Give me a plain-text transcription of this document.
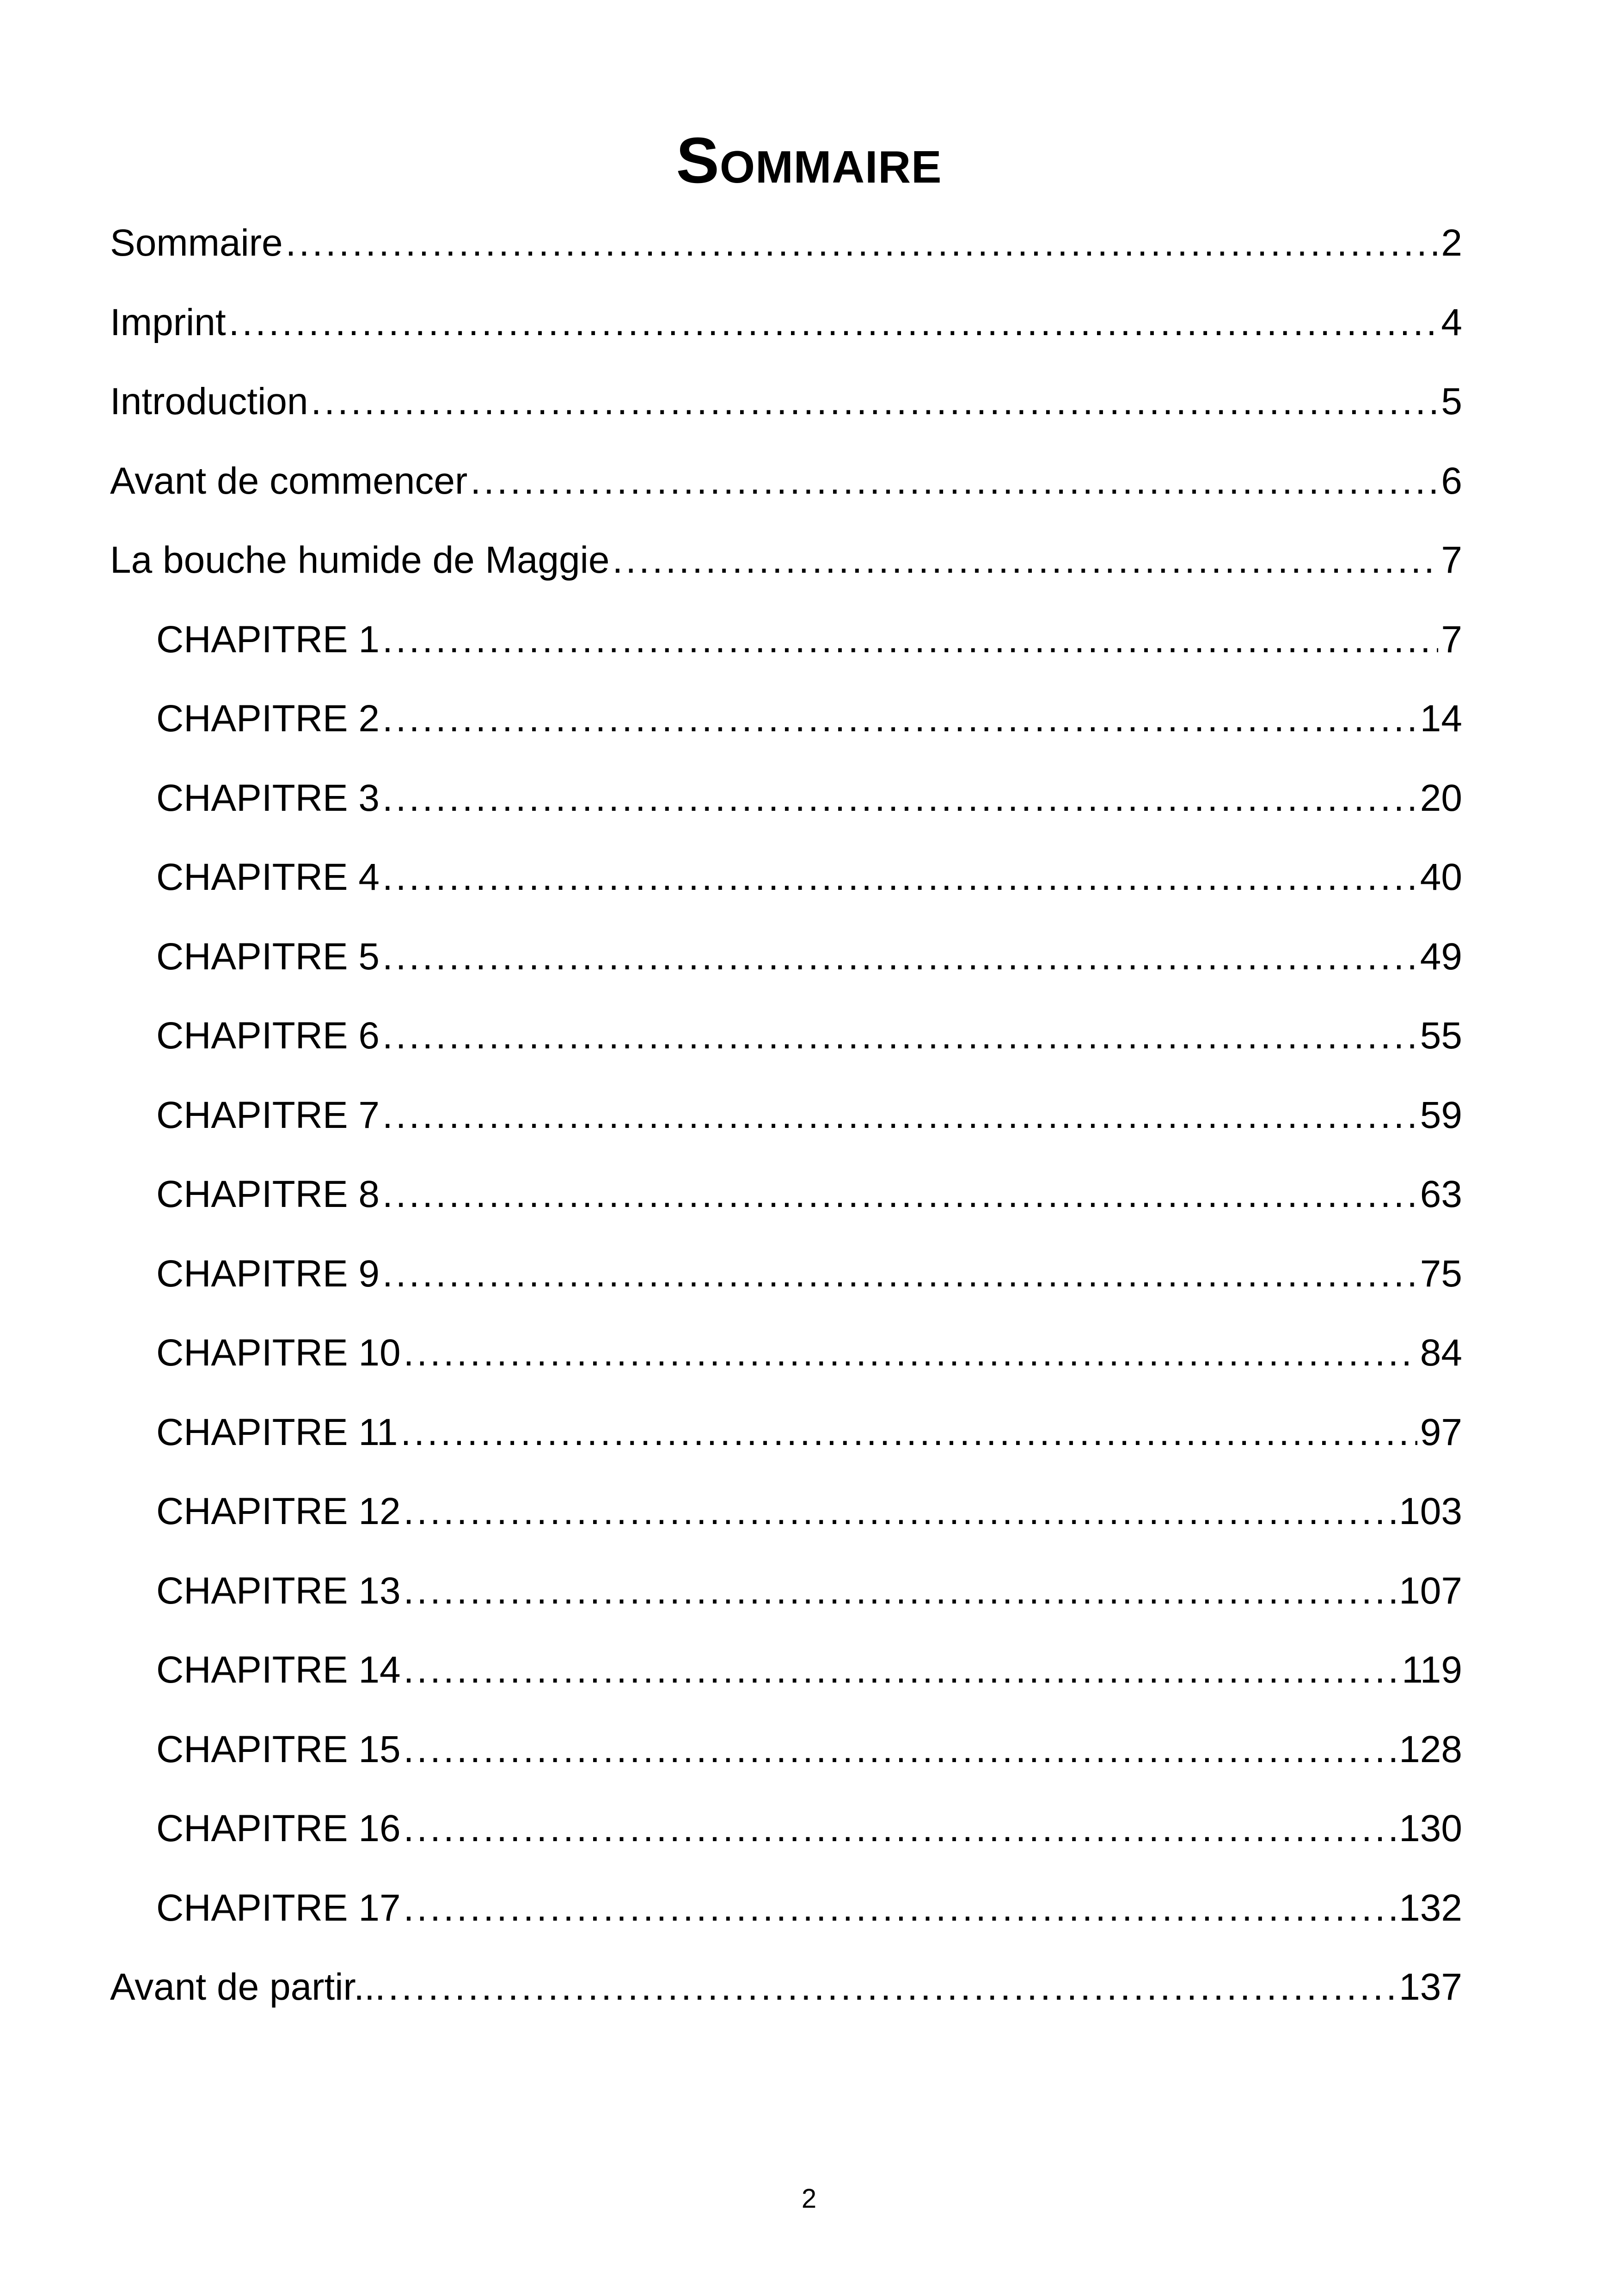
Sommaire
Sommaire .....	2
Imprint .....	4
Introduction .....	5
Avant de commencer .....	6
La bouche humide de Maggie .....	7
CHAPITRE 1 .....	7
CHAPITRE 2 .....	14
CHAPITRE 3 .....	20
CHAPITRE 4 .....	40
CHAPITRE 5 .....	49
CHAPITRE 6 .....	55
CHAPITRE 7 .....	59
CHAPITRE 8 .....	63
CHAPITRE 9 .....	75
CHAPITRE 10 .....	84
CHAPITRE 11 .....	97
CHAPITRE 12 .....	103
CHAPITRE 13 .....	107
CHAPITRE 14 .....	119
CHAPITRE 15 .....	128
CHAPITRE 16 .....	130
CHAPITRE 17 .....	132
Avant de partir... .....	137
2
